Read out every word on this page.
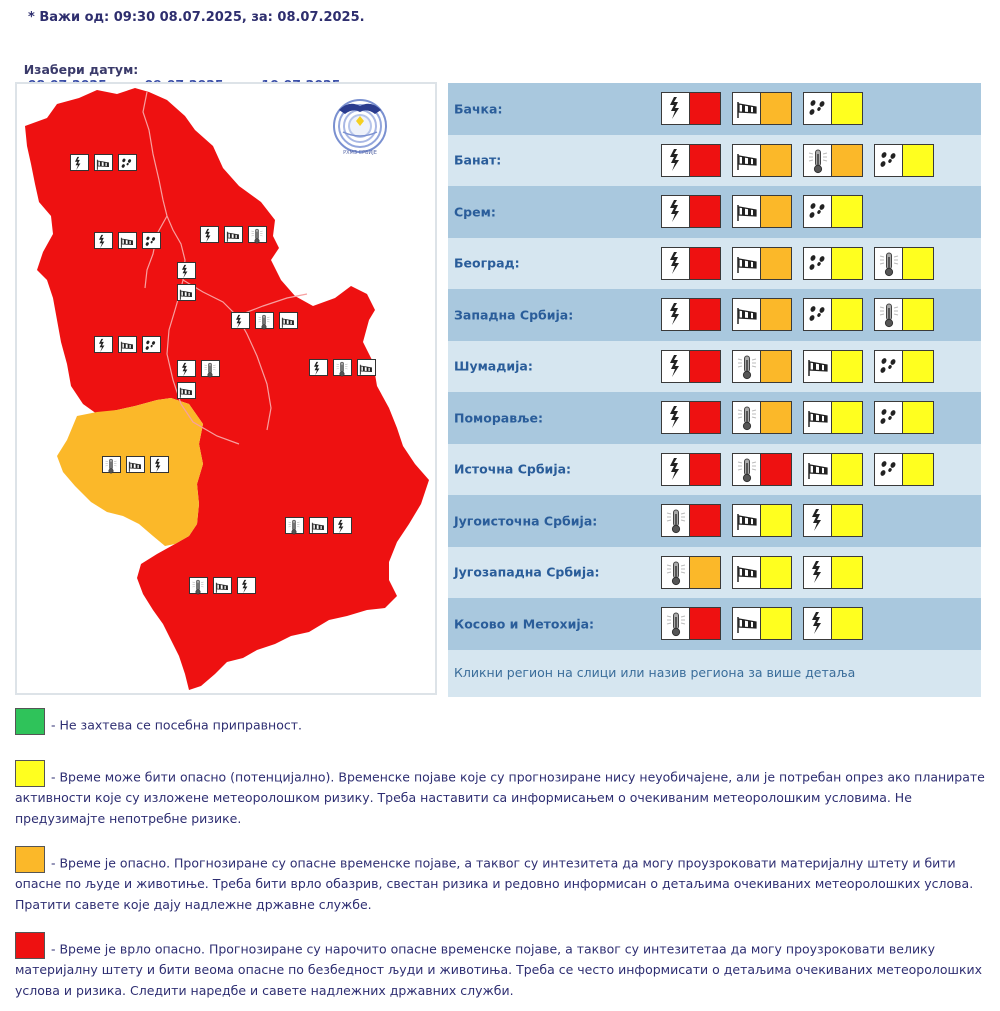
* Важи од: 09:30 08.07.2025, за: 08.07.2025.

Изабери датум:

РХМЗ СРБИЈЕ
Бачка:
Банат:
Срем:
Београд:
Западна Србија:
Шумадија:
Поморавље:
Источна Србија:
Југоисточна Србија:
Југозападна Србија:
Косово и Метохија:
Кликни регион на слици или назив региона за више детаља
- Не захтева се посебна приправност.
- Време може бити опасно (потенцијално). Временске појаве које су прогнозиране нису неуобичајене, али је потребан опрез ако планирате активности које су изложене метеоролошком ризику. Треба наставити са информисањем о очекиваним метеоролошким условима. Не предузимајте непотребне ризике.
- Време је опасно. Прогнозиране су опасне временске појаве, а таквог су интезитета да могу проузроковати материјалну штету и бити опасне по људе и животиње. Треба бити врло обазрив, свестан ризика и редовно информисан о детаљима очекиваних метеоролошких услова. Пратити савете које дају надлежне државне службе.
- Време је врло опасно. Прогнозиране су нарочито опасне временске појаве, а таквог су интезитетаа да могу проузроковати велику материјалну штету и бити веома опасне по безбедност људи и животиња. Треба се често информисати о детаљима очекиваних метеоролошких услова и ризика. Следити наредбе и савете надлежних државних служби.
